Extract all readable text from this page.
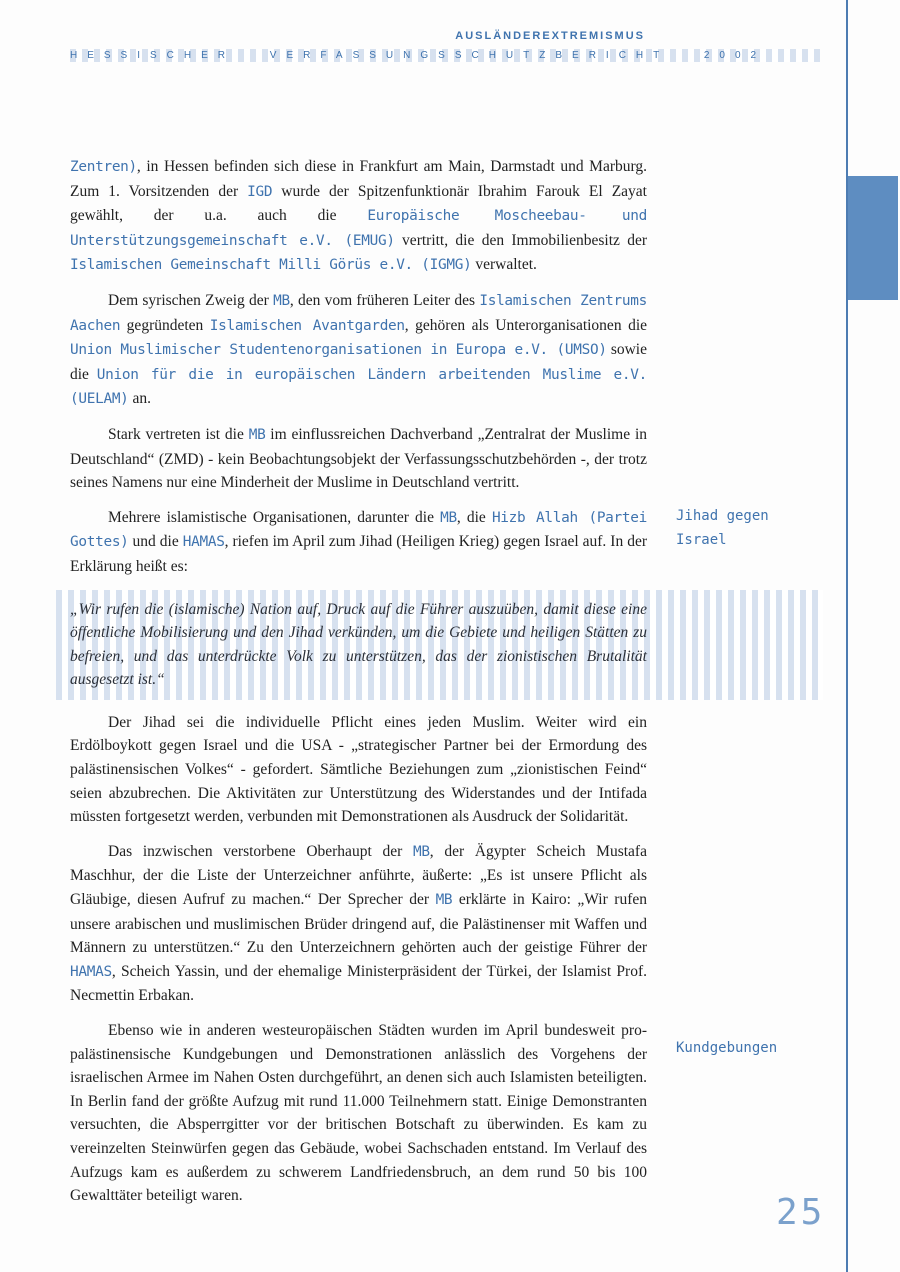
AUSLÄNDEREXTREMISMUS
HESSISCHER VERFASSUNGSSCHUTZBERICHT 2002

Zentren), in Hessen befinden sich diese in Frankfurt am Main, Darmstadt und Marburg. Zum 1. Vorsitzenden der IGD wurde der Spitzenfunktionär Ibrahim Farouk El Zayat gewählt, der u.a. auch die Europäische Moscheebau- und Unterstützungsgemeinschaft e.V. (EMUG) vertritt, die den Immobilienbesitz der Islamischen Gemeinschaft Milli Görüs e.V. (IGMG) verwaltet.

Dem syrischen Zweig der MB, den vom früheren Leiter des Islamischen Zentrums Aachen gegründeten Islamischen Avantgarden, gehören als Unterorganisationen die Union Muslimischer Studentenorganisationen in Europa e.V. (UMSO) sowie die Union für die in europäischen Ländern arbeitenden Muslime e.V. (UELAM) an.

Stark vertreten ist die MB im einflussreichen Dachverband „Zentralrat der Muslime in Deutschland“ (ZMD) - kein Beobachtungsobjekt der Verfassungsschutzbehörden -, der trotz seines Namens nur eine Minderheit der Muslime in Deutschland vertritt.

Mehrere islamistische Organisationen, darunter die MB, die Hizb Allah (Partei Gottes) und die HAMAS, riefen im April zum Jihad (Heiligen Krieg) gegen Israel auf. In der Erklärung heißt es:

„Wir rufen die (islamische) Nation auf, Druck auf die Führer auszuüben, damit diese eine öffentliche Mobilisierung und den Jihad verkünden, um die Gebiete und heiligen Stätten zu befreien, und das unterdrückte Volk zu unterstützen, das der zionistischen Brutalität ausgesetzt ist.“

Der Jihad sei die individuelle Pflicht eines jeden Muslim. Weiter wird ein Erdölboykott gegen Israel und die USA - „strategischer Partner bei der Ermordung des palästinensischen Volkes“ - gefordert. Sämtliche Beziehungen zum „zionistischen Feind“ seien abzubrechen. Die Aktivitäten zur Unterstützung des Widerstandes und der Intifada müssten fortgesetzt werden, verbunden mit Demonstrationen als Ausdruck der Solidarität.

Das inzwischen verstorbene Oberhaupt der MB, der Ägypter Scheich Mustafa Maschhur, der die Liste der Unterzeichner anführte, äußerte: „Es ist unsere Pflicht als Gläubige, diesen Aufruf zu machen.“ Der Sprecher der MB erklärte in Kairo: „Wir rufen unsere arabischen und muslimischen Brüder dringend auf, die Palästinenser mit Waffen und Männern zu unterstützen.“ Zu den Unterzeichnern gehörten auch der geistige Führer der HAMAS, Scheich Yassin, und der ehemalige Ministerpräsident der Türkei, der Islamist Prof. Necmettin Erbakan.

Ebenso wie in anderen westeuropäischen Städten wurden im April bundesweit pro-palästinensische Kundgebungen und Demonstrationen anlässlich des Vorgehens der israelischen Armee im Nahen Osten durchgeführt, an denen sich auch Islamisten beteiligten. In Berlin fand der größte Aufzug mit rund 11.000 Teilnehmern statt. Einige Demonstranten versuchten, die Absperrgitter vor der britischen Botschaft zu überwinden. Es kam zu vereinzelten Steinwürfen gegen das Gebäude, wobei Sachschaden entstand. Im Verlauf des Aufzugs kam es außerdem zu schwerem Landfriedensbruch, an dem rund 50 bis 100 Gewalttäter beteiligt waren.

Jihad gegen Israel
Kundgebungen
25
